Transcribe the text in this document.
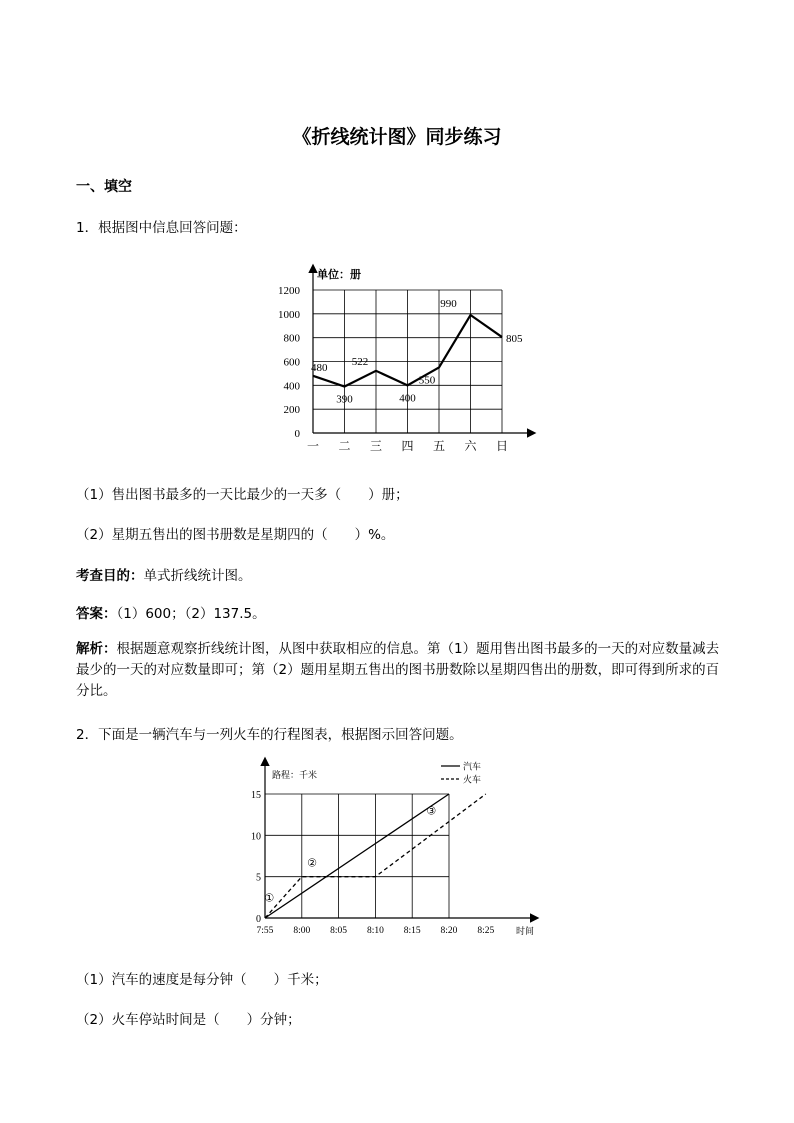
《折线统计图》同步练习
一、填空
1．根据图中信息回答问题：
单位：册
0
200
400
600
800
1000
1200
一 二 三 四 五 六 日
480
390
522
400
550
990
805
（1）售出图书最多的一天比最少的一天多（　　）册；
（2）星期五售出的图书册数是星期四的（　　）%。
考查目的：单式折线统计图。
答案：（1）600；（2）137.5。
解析：根据题意观察折线统计图，从图中获取相应的信息。第（1）题用售出图书最多的一天的对应数量减去最少的一天的对应数量即可；第（2）题用星期五售出的图书册数除以星期四售出的册数，即可得到所求的百分比。
2．下面是一辆汽车与一列火车的行程图表，根据图示回答问题。
路程：千米
时间
汽车
火车
0
5
10
15
7:55 8:00 8:05 8:10 8:15 8:20 8:25
①
②
③
（1）汽车的速度是每分钟（　　）千米；
（2）火车停站时间是（　　）分钟；
